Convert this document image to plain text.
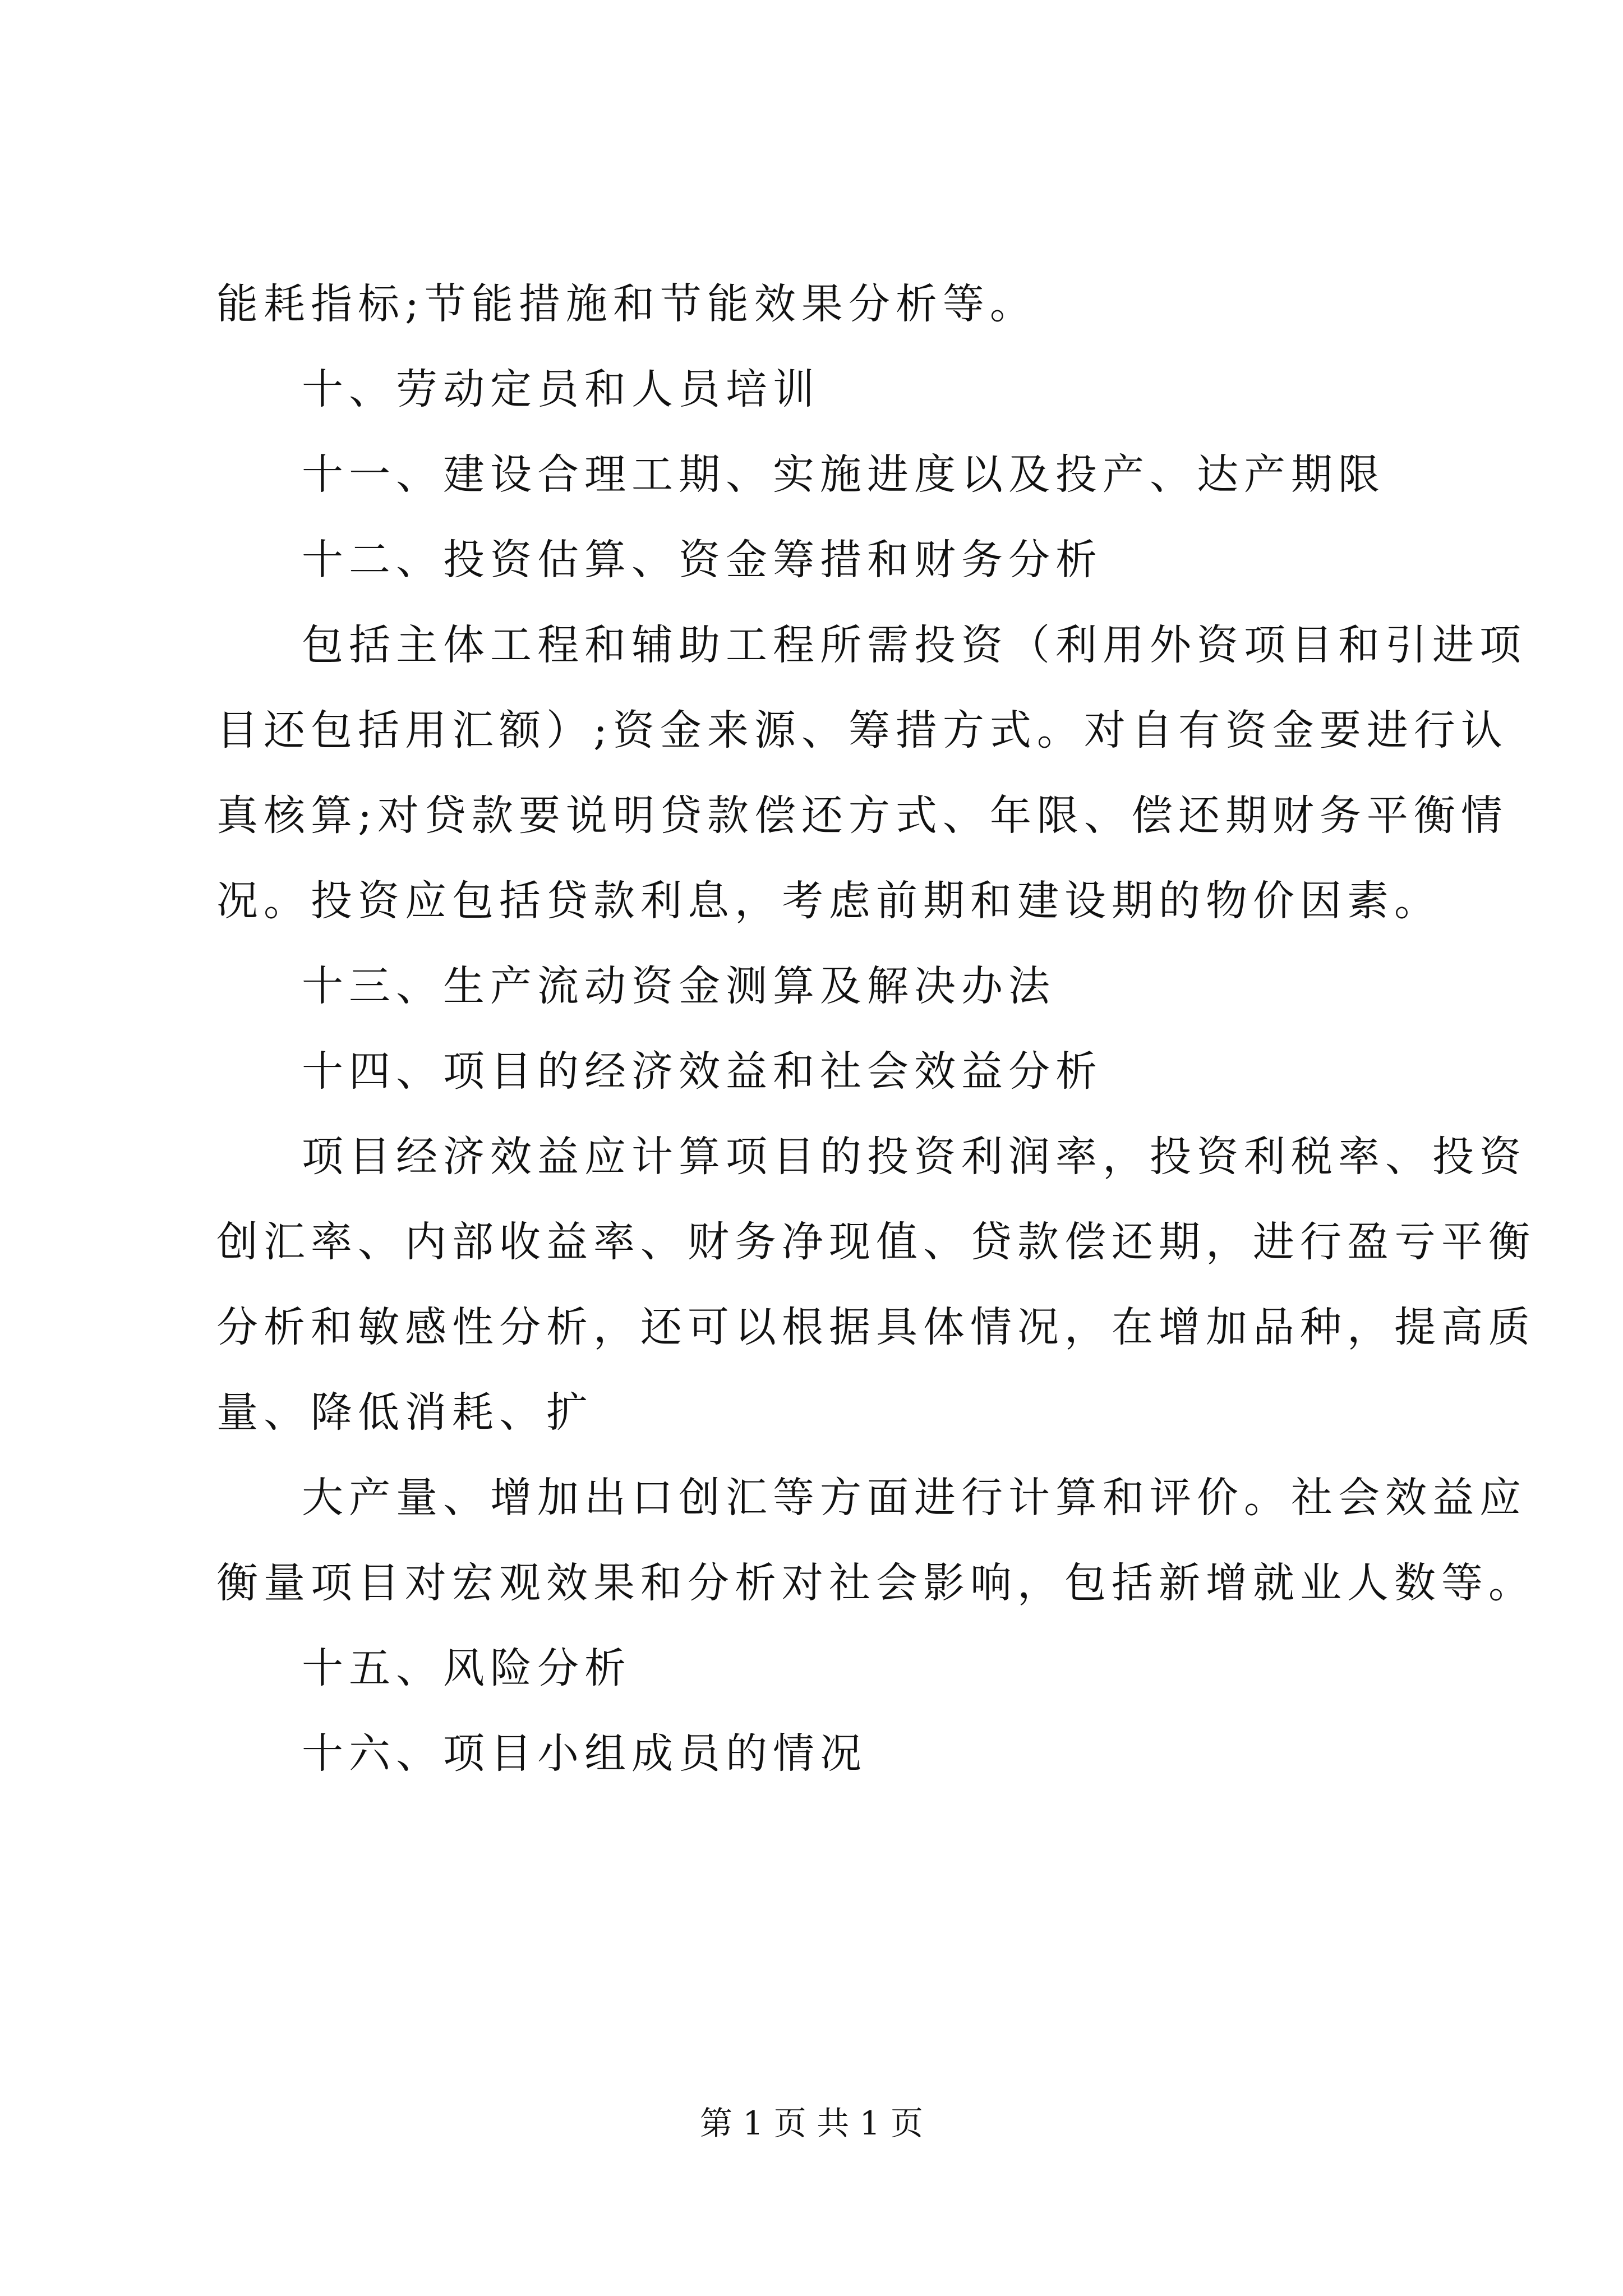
能耗指标;节能措施和节能效果分析等。
十、劳动定员和人员培训
十一、建设合理工期、实施进度以及投产、达产期限
十二、投资估算、资金筹措和财务分析
包括主体工程和辅助工程所需投资（利用外资项目和引进项
目还包括用汇额）;资金来源、筹措方式。对自有资金要进行认
真核算;对贷款要说明贷款偿还方式、年限、偿还期财务平衡情
况。投资应包括贷款利息，考虑前期和建设期的物价因素。
十三、生产流动资金测算及解决办法
十四、项目的经济效益和社会效益分析
项目经济效益应计算项目的投资利润率，投资利税率、投资
创汇率、内部收益率、财务净现值、贷款偿还期，进行盈亏平衡
分析和敏感性分析，还可以根据具体情况，在增加品种，提高质
量、降低消耗、扩
大产量、增加出口创汇等方面进行计算和评价。社会效益应
衡量项目对宏观效果和分析对社会影响，包括新增就业人数等。
十五、风险分析
十六、项目小组成员的情况
第 1 页 共 1 页
